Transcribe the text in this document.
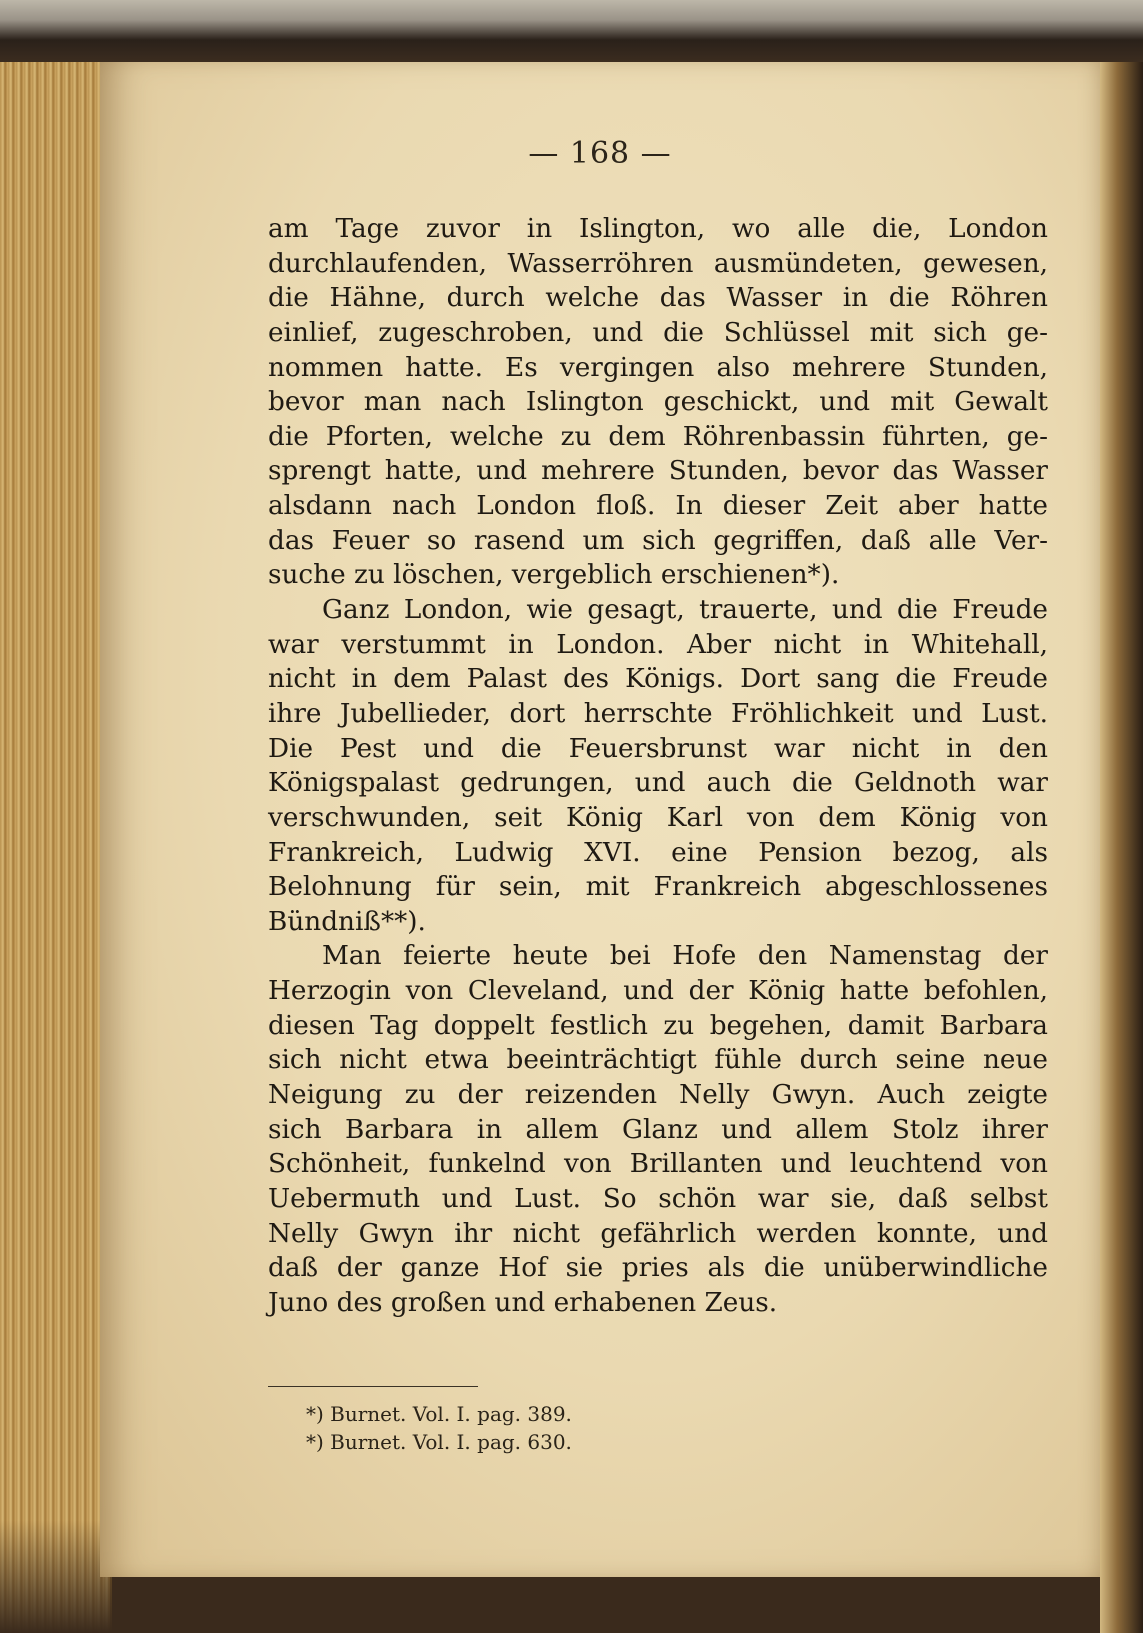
— 168 —
am Tage zuvor in Islington, wo alle die, London
durchlaufenden, Wasserröhren ausmündeten, gewesen,
die Hähne, durch welche das Wasser in die Röhren
einlief, zugeschroben, und die Schlüssel mit sich ge-
nommen hatte. Es vergingen also mehrere Stunden,
bevor man nach Islington geschickt, und mit Gewalt
die Pforten, welche zu dem Röhrenbassin führten, ge-
sprengt hatte, und mehrere Stunden, bevor das Wasser
alsdann nach London floß. In dieser Zeit aber hatte
das Feuer so rasend um sich gegriffen, daß alle Ver-
suche zu löschen, vergeblich erschienen*).
Ganz London, wie gesagt, trauerte, und die Freude
war verstummt in London. Aber nicht in Whitehall,
nicht in dem Palast des Königs. Dort sang die Freude
ihre Jubellieder, dort herrschte Fröhlichkeit und Lust.
Die Pest und die Feuersbrunst war nicht in den
Königspalast gedrungen, und auch die Geldnoth war
verschwunden, seit König Karl von dem König von
Frankreich, Ludwig XVI. eine Pension bezog, als
Belohnung für sein, mit Frankreich abgeschlossenes
Bündniß**).
Man feierte heute bei Hofe den Namenstag der
Herzogin von Cleveland, und der König hatte befohlen,
diesen Tag doppelt festlich zu begehen, damit Barbara
sich nicht etwa beeinträchtigt fühle durch seine neue
Neigung zu der reizenden Nelly Gwyn. Auch zeigte
sich Barbara in allem Glanz und allem Stolz ihrer
Schönheit, funkelnd von Brillanten und leuchtend von
Uebermuth und Lust. So schön war sie, daß selbst
Nelly Gwyn ihr nicht gefährlich werden konnte, und
daß der ganze Hof sie pries als die unüberwindliche
Juno des großen und erhabenen Zeus.
*) Burnet. Vol. I. pag. 389.
*) Burnet. Vol. I. pag. 630.
